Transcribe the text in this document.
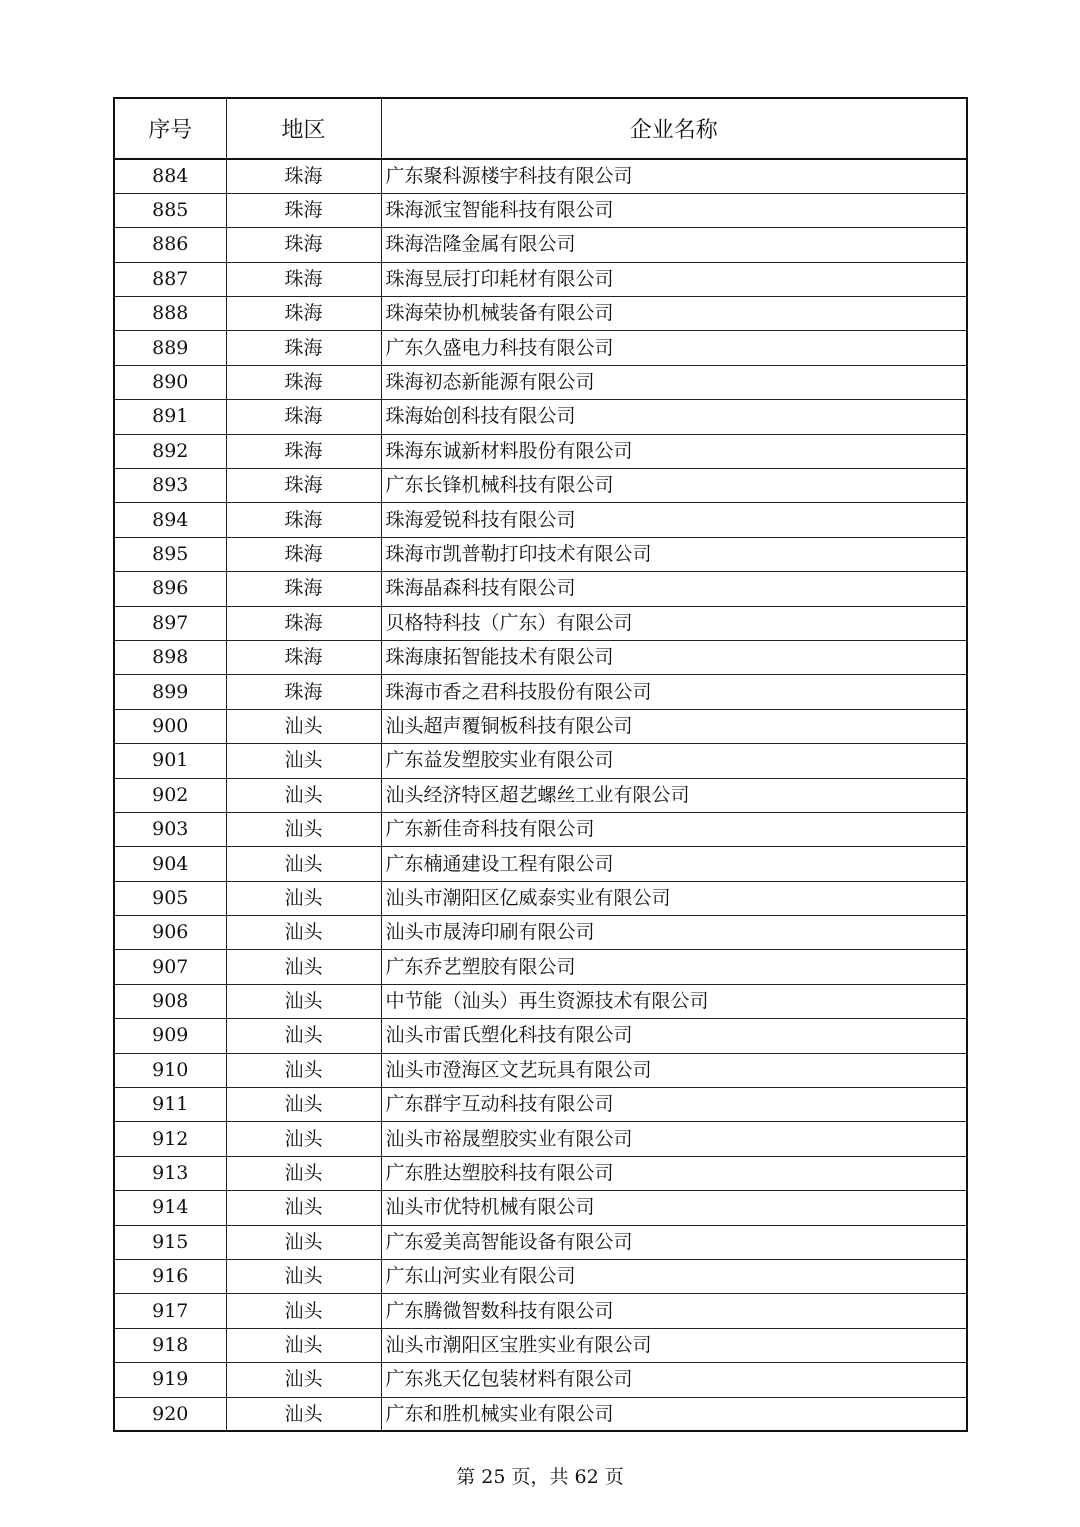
序号	地区	企业名称
884	珠海	广东聚科源楼宇科技有限公司
885	珠海	珠海派宝智能科技有限公司
886	珠海	珠海浩隆金属有限公司
887	珠海	珠海昱辰打印耗材有限公司
888	珠海	珠海荣协机械装备有限公司
889	珠海	广东久盛电力科技有限公司
890	珠海	珠海初态新能源有限公司
891	珠海	珠海始创科技有限公司
892	珠海	珠海东诚新材料股份有限公司
893	珠海	广东长锋机械科技有限公司
894	珠海	珠海爱锐科技有限公司
895	珠海	珠海市凯普勒打印技术有限公司
896	珠海	珠海晶森科技有限公司
897	珠海	贝格特科技（广东）有限公司
898	珠海	珠海康拓智能技术有限公司
899	珠海	珠海市香之君科技股份有限公司
900	汕头	汕头超声覆铜板科技有限公司
901	汕头	广东益发塑胶实业有限公司
902	汕头	汕头经济特区超艺螺丝工业有限公司
903	汕头	广东新佳奇科技有限公司
904	汕头	广东楠通建设工程有限公司
905	汕头	汕头市潮阳区亿威泰实业有限公司
906	汕头	汕头市晟涛印刷有限公司
907	汕头	广东乔艺塑胶有限公司
908	汕头	中节能（汕头）再生资源技术有限公司
909	汕头	汕头市雷氏塑化科技有限公司
910	汕头	汕头市澄海区文艺玩具有限公司
911	汕头	广东群宇互动科技有限公司
912	汕头	汕头市裕晟塑胶实业有限公司
913	汕头	广东胜达塑胶科技有限公司
914	汕头	汕头市优特机械有限公司
915	汕头	广东爱美高智能设备有限公司
916	汕头	广东山河实业有限公司
917	汕头	广东腾微智数科技有限公司
918	汕头	汕头市潮阳区宝胜实业有限公司
919	汕头	广东兆天亿包装材料有限公司
920	汕头	广东和胜机械实业有限公司
第 25 页，共 62 页
